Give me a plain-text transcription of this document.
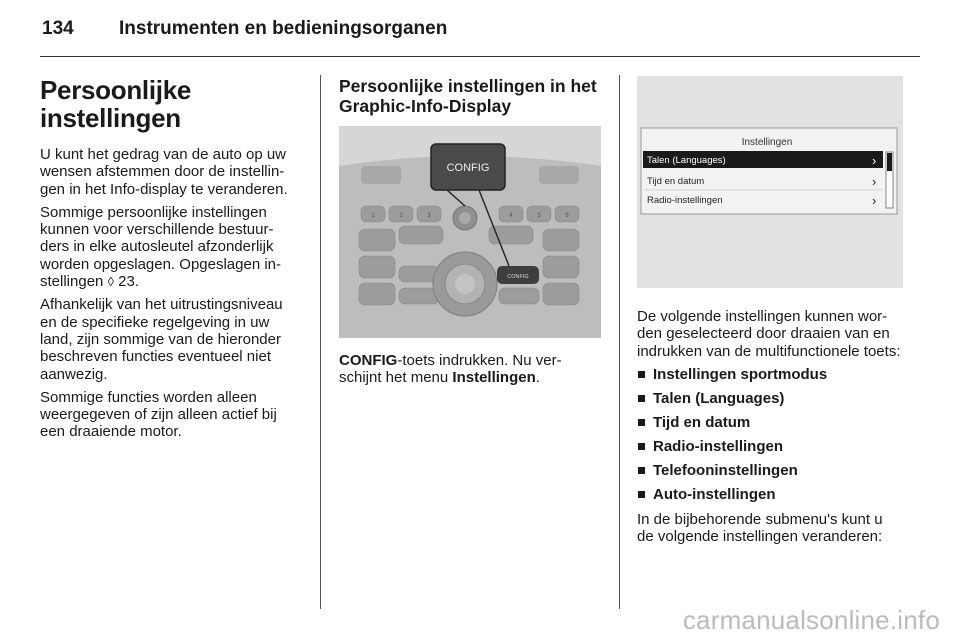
134 Instrumenten en bedieningsorganen
Persoonlijke instellingen

U kunt het gedrag van de auto op uw wensen afstemmen door de instellin-gen in het Info-display te veranderen.

Sommige persoonlijke instellingen kunnen voor verschillende bestuur-ders in elke autosleutel afzonderlijk worden opgeslagen. Opgeslagen in-stellingen ◊ 23.

Afhankelijk van het uitrustingsniveau en de specifieke regelgeving in uw land, zijn sommige van de hieronder beschreven functies eventueel niet aanwezig.

Sommige functies worden alleen weergegeven of zijn alleen actief bij een draaiende motor.

Persoonlijke instellingen in het Graphic-Info-Display
1	2	3	4	5	6
CONFIG
CONFIG

CONFIG-toets indrukken. Nu ver-schijnt het menu Instellingen.

Instellingen
Talen (Languages)	›
Tijd en datum	›
Radio-instellingen	›

De volgende instellingen kunnen wor-den geselecteerd door draaien van en indrukken van de multifunctionele toets:

Instellingen sportmodus
Talen (Languages)
Tijd en datum
Radio-instellingen
Telefooninstellingen
Auto-instellingen

In de bijbehorende submenu's kunt u de volgende instellingen veranderen:

carmanualsonline.info
